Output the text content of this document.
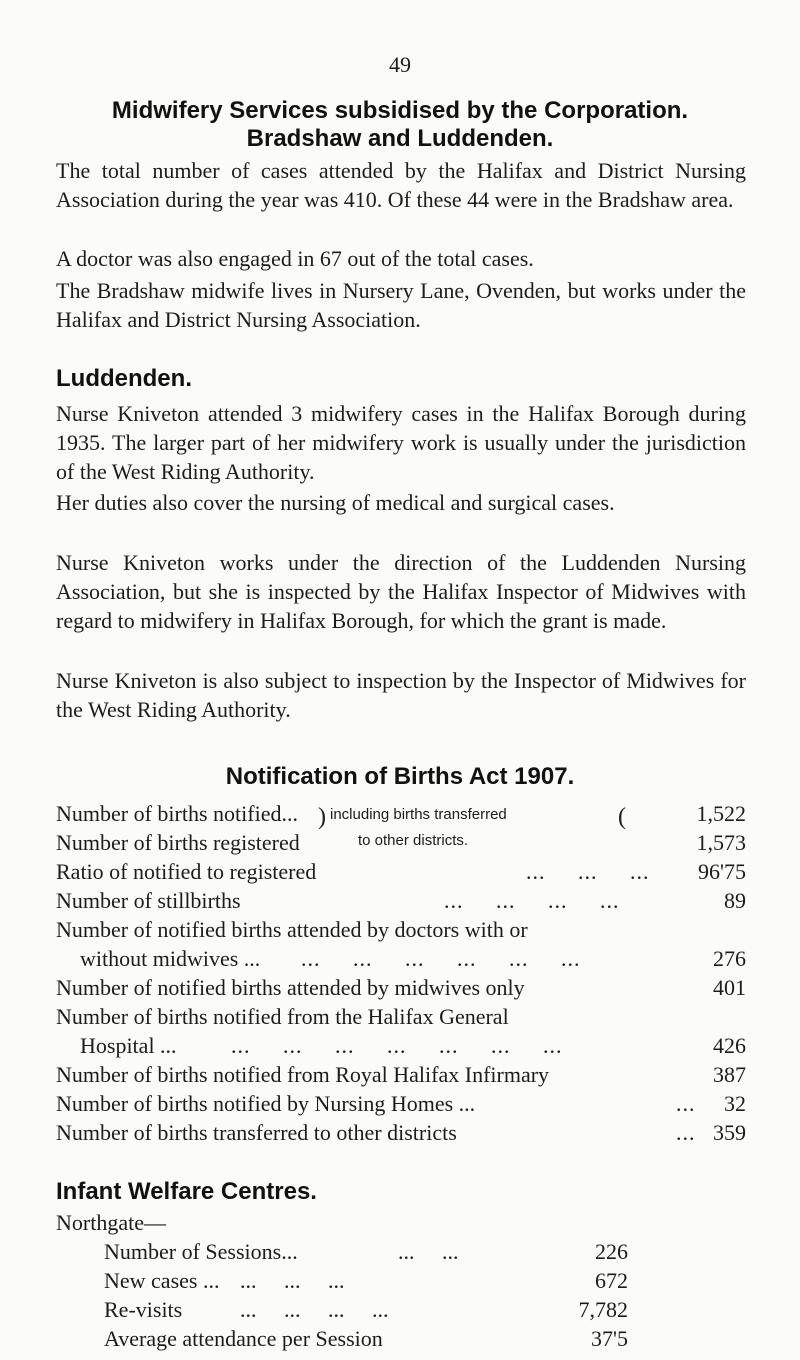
49
Midwifery Services subsidised by the Corporation.
Bradshaw and Luddenden.

The total number of cases attended by the Halifax and District Nursing Association during the year was 410. Of these 44 were in the Bradshaw area.

A doctor was also engaged in 67 out of the total cases.

The Bradshaw midwife lives in Nursery Lane, Ovenden, but works under the Halifax and District Nursing Association.

Luddenden.

Nurse Kniveton attended 3 midwifery cases in the Halifax Borough during 1935. The larger part of her midwifery work is usually under the jurisdiction of the West Riding Authority.

Her duties also cover the nursing of medical and surgical cases.

Nurse Kniveton works under the direction of the Luddenden Nursing Association, but she is inspected by the Halifax Inspector of Midwives with regard to midwifery in Halifax Borough, for which the grant is made.

Nurse Kniveton is also subject to inspection by the Inspector of Midwives for the West Riding Authority.

Notification of Births Act 1907.
Number of births notified...	1,522
Number of births registered	1,573
) including births transferred
to other districts.
(
Ratio of notified to registered	...     ...     ... 96'75
Number of stillbirths	...     ...     ...     ...	89
Number of notified births attended by doctors with or
without midwives ... ...     ...     ...     ...     ...     ...	276
Number of notified births attended by midwives only	401
Number of births notified from the Halifax General
Hospital ... ...     ...     ...     ...     ...     ...     ...	426
Number of births notified from Royal Halifax Infirmary	387
Number of births notified by Nursing Homes ...	... 32
Number of births transferred to other districts	... 359
Infant Welfare Centres.
Northgate—
Number of Sessions...	...     ...	226
New cases ... ...     ...     ...	672
Re-visits	...     ...     ...     ...	7,782
Average attendance per Session	37'5
